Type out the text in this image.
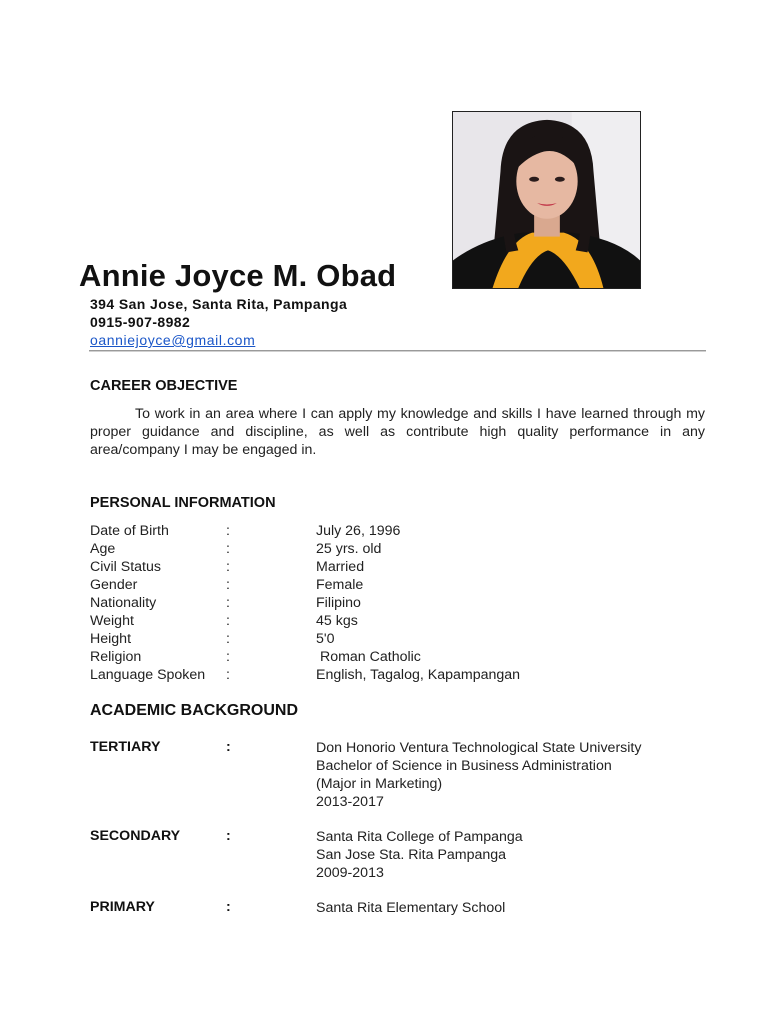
Annie Joyce M. Obad
394 San Jose, Santa Rita, Pampanga
0915-907-8982
oanniejoyce@gmail.com
CAREER OBJECTIVE
To work in an area where I can apply my knowledge and skills I have learned through my proper guidance and discipline, as well as contribute high quality performance in any area/company I may be engaged in.
PERSONAL INFORMATION
Date of Birth	:	July 26, 1996
Age	:	25 yrs. old
Civil Status	:	Married
Gender	:	Female
Nationality	:	Filipino
Weight	:	45 kgs
Height	:	5'0
Religion	:	Roman Catholic
Language Spoken :	English, Tagalog, Kapampangan
ACADEMIC BACKGROUND
TERTIARY	:	Don Honorio Ventura Technological State University
Bachelor of Science in Business Administration
(Major in Marketing)
2013-2017
SECONDARY	:	Santa Rita College of Pampanga
San Jose Sta. Rita Pampanga
2009-2013
PRIMARY	:	Santa Rita Elementary School
